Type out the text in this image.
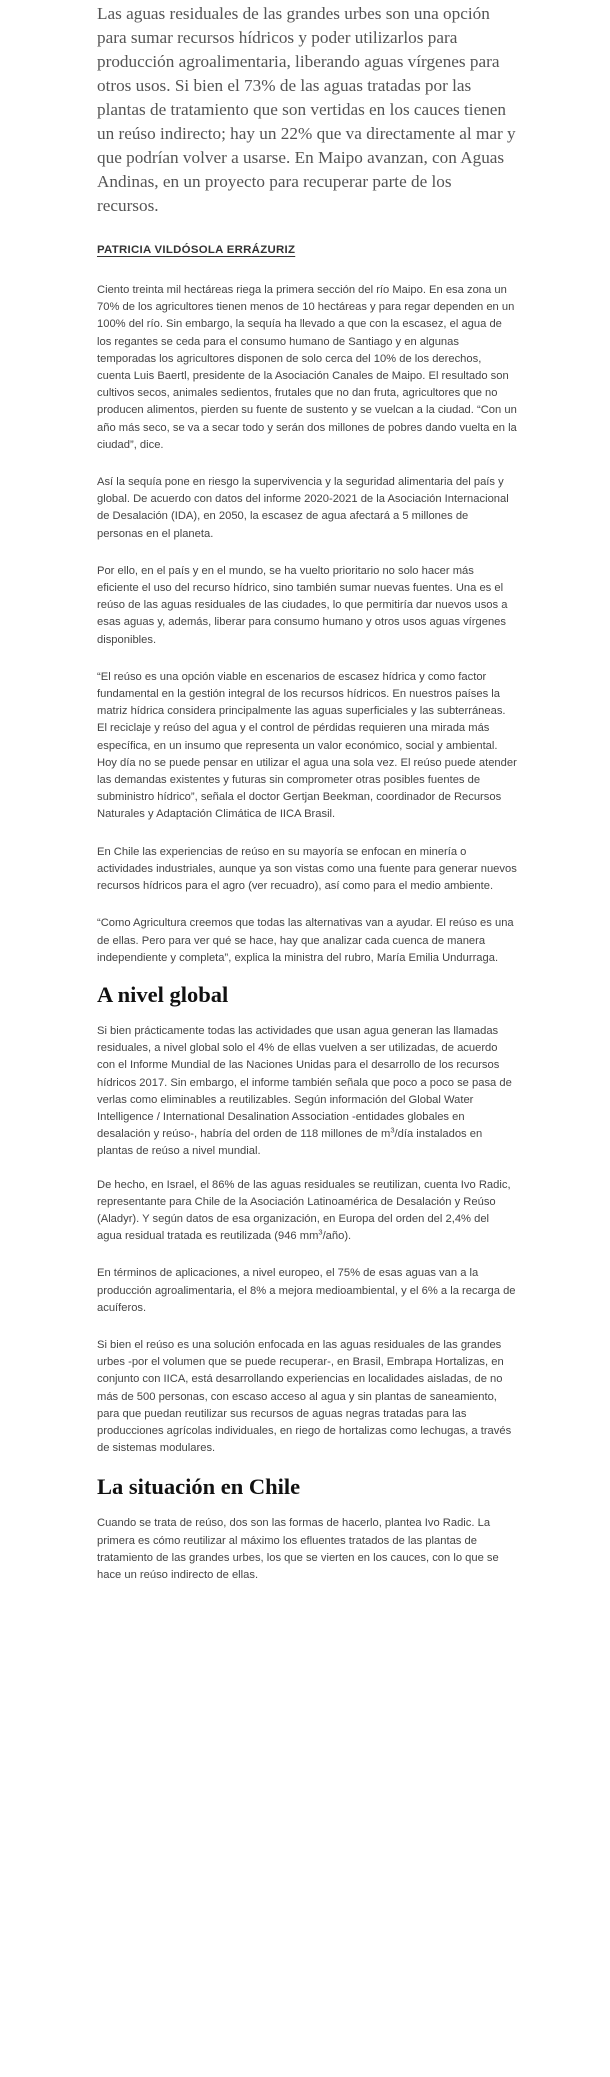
Las aguas residuales de las grandes urbes son una opción para sumar recursos hídricos y poder utilizarlos para producción agroalimentaria, liberando aguas vírgenes para otros usos. Si bien el 73% de las aguas tratadas por las plantas de tratamiento que son vertidas en los cauces tienen un reúso indirecto; hay un 22% que va directamente al mar y que podrían volver a usarse. En Maipo avanzan, con Aguas Andinas, en un proyecto para recuperar parte de los recursos.

PATRICIA VILDÓSOLA ERRÁZURIZ

Ciento treinta mil hectáreas riega la primera sección del río Maipo. En esa zona un 70% de los agricultores tienen menos de 10 hectáreas y para regar dependen en un 100% del río. Sin embargo, la sequía ha llevado a que con la escasez, el agua de los regantes se ceda para el consumo humano de Santiago y en algunas temporadas los agricultores disponen de solo cerca del 10% de los derechos, cuenta Luis Baertl, presidente de la Asociación Canales de Maipo. El resultado son cultivos secos, animales sedientos, frutales que no dan fruta, agricultores que no producen alimentos, pierden su fuente de sustento y se vuelcan a la ciudad. “Con un año más seco, se va a secar todo y serán dos millones de pobres dando vuelta en la ciudad”, dice.

Así la sequía pone en riesgo la supervivencia y la seguridad alimentaria del país y global. De acuerdo con datos del informe 2020-2021 de la Asociación Internacional de Desalación (IDA), en 2050, la escasez de agua afectará a 5 millones de personas en el planeta.

Por ello, en el país y en el mundo, se ha vuelto prioritario no solo hacer más eficiente el uso del recurso hídrico, sino también sumar nuevas fuentes. Una es el reúso de las aguas residuales de las ciudades, lo que permitiría dar nuevos usos a esas aguas y, además, liberar para consumo humano y otros usos aguas vírgenes disponibles.

“El reúso es una opción viable en escenarios de escasez hídrica y como factor fundamental en la gestión integral de los recursos hídricos. En nuestros países la matriz hídrica considera principalmente las aguas superficiales y las subterráneas. El reciclaje y reúso del agua y el control de pérdidas requieren una mirada más específica, en un insumo que representa un valor económico, social y ambiental. Hoy día no se puede pensar en utilizar el agua una sola vez. El reúso puede atender las demandas existentes y futuras sin comprometer otras posibles fuentes de subministro hídrico”, señala el doctor Gertjan Beekman, coordinador de Recursos Naturales y Adaptación Climática de IICA Brasil.

En Chile las experiencias de reúso en su mayoría se enfocan en minería o actividades industriales, aunque ya son vistas como una fuente para generar nuevos recursos hídricos para el agro (ver recuadro), así como para el medio ambiente.

“Como Agricultura creemos que todas las alternativas van a ayudar. El reúso es una de ellas. Pero para ver qué se hace, hay que analizar cada cuenca de manera independiente y completa”, explica la ministra del rubro, María Emilia Undurraga.

A nivel global

Si bien prácticamente todas las actividades que usan agua generan las llamadas residuales, a nivel global solo el 4% de ellas vuelven a ser utilizadas, de acuerdo con el Informe Mundial de las Naciones Unidas para el desarrollo de los recursos hídricos 2017. Sin embargo, el informe también señala que poco a poco se pasa de verlas como eliminables a reutilizables. Según información del Global Water Intelligence / International Desalination Association -entidades globales en desalación y reúso-, habría del orden de 118 millones de $m^3$/día instalados en plantas de reúso a nivel mundial.

De hecho, en Israel, el 86% de las aguas residuales se reutilizan, cuenta Ivo Radic, representante para Chile de la Asociación Latinoamérica de Desalación y Reúso (Aladyr). Y según datos de esa organización, en Europa del orden del 2,4% del agua residual tratada es reutilizada (946 $mm^3/año$).

En términos de aplicaciones, a nivel europeo, el 75% de esas aguas van a la producción agroalimentaria, el 8% a mejora medioambiental, y el 6% a la recarga de acuíferos.

Si bien el reúso es una solución enfocada en las aguas residuales de las grandes urbes -por el volumen que se puede recuperar-, en Brasil, Embrapa Hortalizas, en conjunto con IICA, está desarrollando experiencias en localidades aisladas, de no más de 500 personas, con escaso acceso al agua y sin plantas de saneamiento, para que puedan reutilizar sus recursos de aguas negras tratadas para las producciones agrícolas individuales, en riego de hortalizas como lechugas, a través de sistemas modulares.

La situación en Chile

Cuando se trata de reúso, dos son las formas de hacerlo, plantea Ivo Radic. La primera es cómo reutilizar al máximo los efluentes tratados de las plantas de tratamiento de las grandes urbes, los que se vierten en los cauces, con lo que se hace un reúso indirecto de ellas.
